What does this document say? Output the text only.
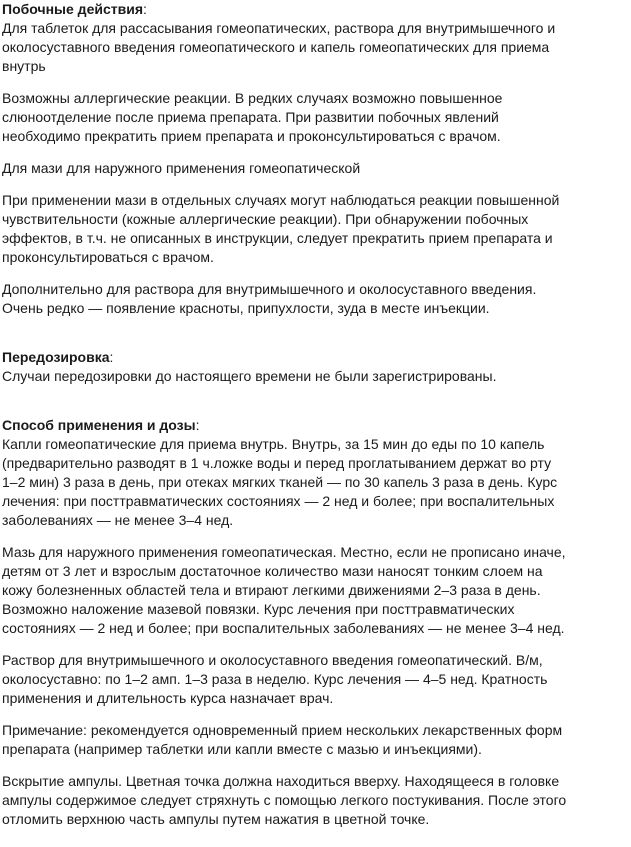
Побочные действия:

Для таблеток для рассасывания гомеопатических, раствора для внутримышечного и
околосуставного введения гомеопатического и капель гомеопатических для приема
внутрь

Возможны аллергические реакции. В редких случаях возможно повышенное
слюноотделение после приема препарата. При развитии побочных явлений
необходимо прекратить прием препарата и проконсультироваться с врачом.

Для мази для наружного применения гомеопатической

При применении мази в отдельных случаях могут наблюдаться реакции повышенной
чувствительности (кожные аллергические реакции). При обнаружении побочных
эффектов, в т.ч. не описанных в инструкции, следует прекратить прием препарата и
проконсультироваться с врачом.

Дополнительно для раствора для внутримышечного и околосуставного введения.
Очень редко — появление красноты, припухлости, зуда в месте инъекции.

Передозировка:

Случаи передозировки до настоящего времени не были зарегистрированы.

Способ применения и дозы:

Капли гомеопатические для приема внутрь. Внутрь, за 15 мин до еды по 10 капель
(предварительно разводят в 1 ч.ложке воды и перед проглатыванием держат во рту
1–2 мин) 3 раза в день, при отеках мягких тканей — по 30 капель 3 раза в день. Курс
лечения: при посттравматических состояниях — 2 нед и более; при воспалительных
заболеваниях — не менее 3–4 нед.

Мазь для наружного применения гомеопатическая. Местно, если не прописано иначе,
детям от 3 лет и взрослым достаточное количество мази наносят тонким слоем на
кожу болезненных областей тела и втирают легкими движениями 2–3 раза в день.
Возможно наложение мазевой повязки. Курс лечения при посттравматических
состояниях — 2 нед и более; при воспалительных заболеваниях — не менее 3–4 нед.

Раствор для внутримышечного и околосуставного введения гомеопатический. В/м,
околосуставно: по 1–2 амп. 1–3 раза в неделю. Курс лечения — 4–5 нед. Кратность
применения и длительность курса назначает врач.

Примечание: рекомендуется одновременный прием нескольких лекарственных форм
препарата (например таблетки или капли вместе с мазью и инъекциями).

Вскрытие ампулы. Цветная точка должна находиться вверху. Находящееся в головке
ампулы содержимое следует стряхнуть с помощью легкого постукивания. После этого
отломить верхнюю часть ампулы путем нажатия в цветной точке.
